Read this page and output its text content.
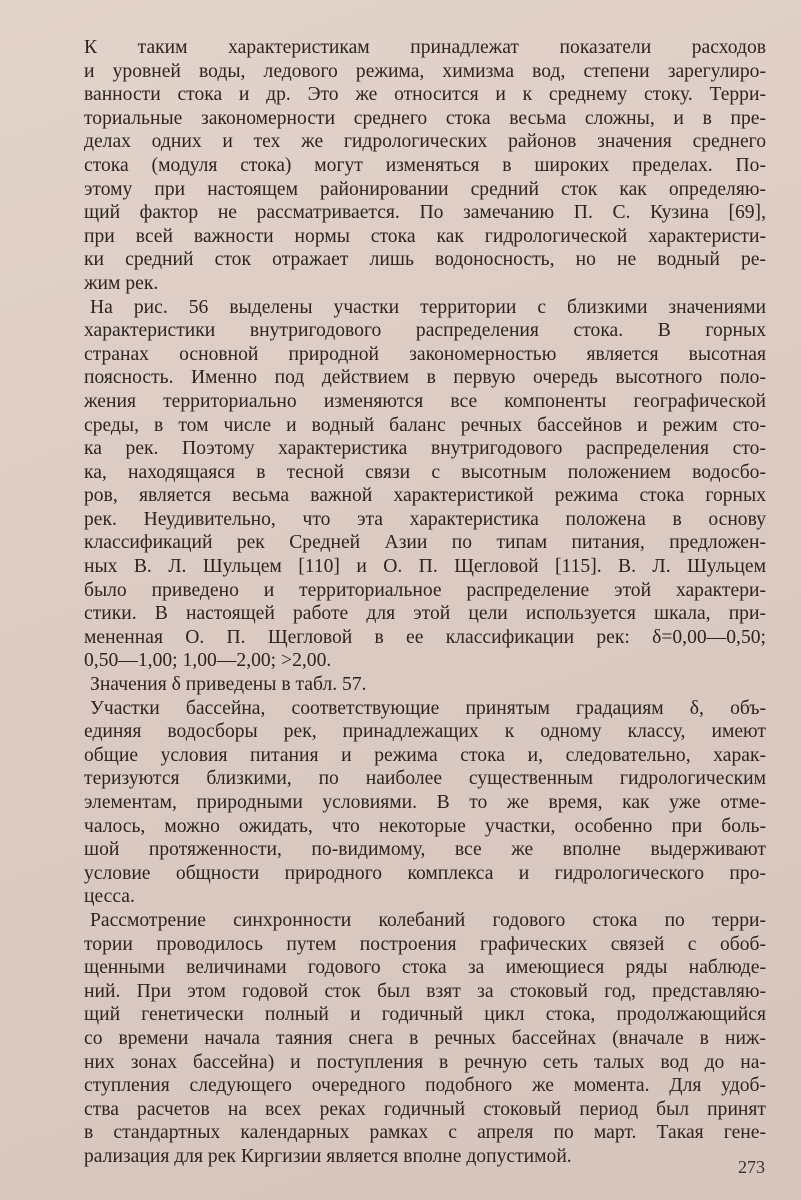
К таким характеристикам принадлежат показатели расходов
и уровней воды, ледового режима, химизма вод, степени зарегулиро-
ванности стока и др. Это же относится и к среднему стоку. Терри-
ториальные закономерности среднего стока весьма сложны, и в пре-
делах одних и тех же гидрологических районов значения среднего
стока (модуля стока) могут изменяться в широких пределах. По-
этому при настоящем районировании средний сток как определяю-
щий фактор не рассматривается. По замечанию П. С. Кузина [69],
при всей важности нормы стока как гидрологической характеристи-
ки средний сток отражает лишь водоносность, но не водный ре-
жим рек.
На рис. 56 выделены участки территории с близкими значениями
характеристики внутригодового распределения стока. В горных
странах основной природной закономерностью является высотная
поясность. Именно под действием в первую очередь высотного поло-
жения территориально изменяются все компоненты географической
среды, в том числе и водный баланс речных бассейнов и режим сто-
ка рек. Поэтому характеристика внутригодового распределения сто-
ка, находящаяся в тесной связи с высотным положением водосбо-
ров, является весьма важной характеристикой режима стока горных
рек. Неудивительно, что эта характеристика положена в основу
классификаций рек Средней Азии по типам питания, предложен-
ных В. Л. Шульцем [110] и О. П. Щегловой [115]. В. Л. Шульцем
было приведено и территориальное распределение этой характери-
стики. В настоящей работе для этой цели используется шкала, при-
мененная О. П. Щегловой в ее классификации рек: δ=0,00—0,50;
0,50—1,00; 1,00—2,00; >2,00.
Значения δ приведены в табл. 57.
Участки бассейна, соответствующие принятым градациям δ, объ-
единяя водосборы рек, принадлежащих к одному классу, имеют
общие условия питания и режима стока и, следовательно, харак-
теризуются близкими, по наиболее существенным гидрологическим
элементам, природными условиями. В то же время, как уже отме-
чалось, можно ожидать, что некоторые участки, особенно при боль-
шой протяженности, по-видимому, все же вполне выдерживают
условие общности природного комплекса и гидрологического про-
цесса.
Рассмотрение синхронности колебаний годового стока по терри-
тории проводилось путем построения графических связей с обоб-
щенными величинами годового стока за имеющиеся ряды наблюде-
ний. При этом годовой сток был взят за стоковый год, представляю-
щий генетически полный и годичный цикл стока, продолжающийся
со времени начала таяния снега в речных бассейнах (вначале в ниж-
них зонах бассейна) и поступления в речную сеть талых вод до на-
ступления следующего очередного подобного же момента. Для удоб-
ства расчетов на всех реках годичный стоковый период был принят
в стандартных календарных рамках с апреля по март. Такая гене-
рализация для рек Киргизии является вполне допустимой.
273
